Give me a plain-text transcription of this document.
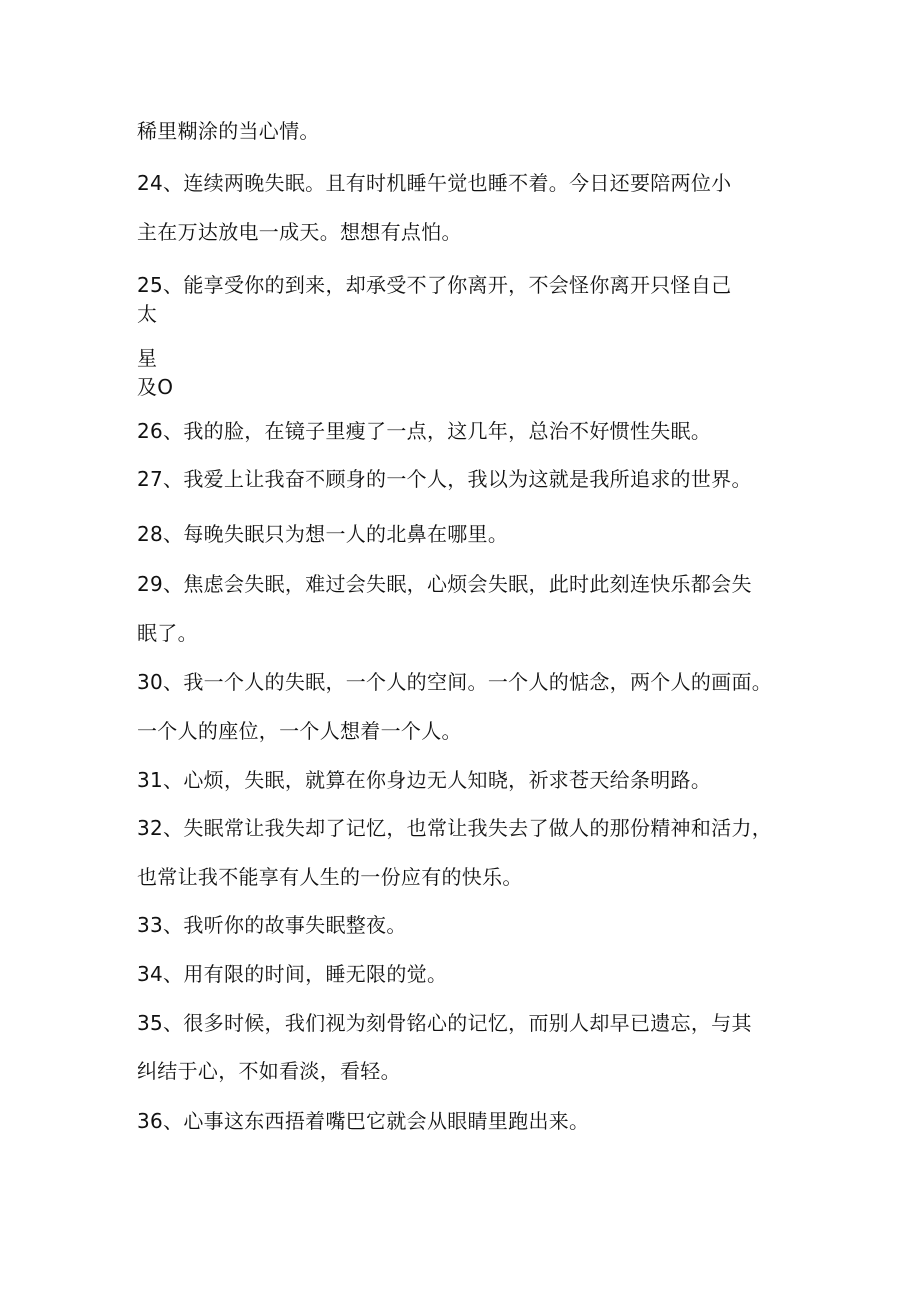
稀里糊涂的当心情。
24、连续两晚失眠。且有时机睡午觉也睡不着。今日还要陪两位小
主在万达放电一成天。想想有点怕。
25、能享受你的到来，却承受不了你离开，不会怪你离开只怪自己
太
星
及O
26、我的脸，在镜子里瘦了一点，这几年，总治不好惯性失眠。
27、我爱上让我奋不顾身的一个人，我以为这就是我所追求的世界。
28、每晚失眠只为想一人的北鼻在哪里。
29、焦虑会失眠，难过会失眠，心烦会失眠，此时此刻连快乐都会失
眠了。
30、我一个人的失眠，一个人的空间。一个人的惦念，两个人的画面。
一个人的座位，一个人想着一个人。
31、心烦，失眠，就算在你身边无人知晓，祈求苍天给条明路。
32、失眠常让我失却了记忆，也常让我失去了做人的那份精神和活力，
也常让我不能享有人生的一份应有的快乐。
33、我听你的故事失眠整夜。
34、用有限的时间，睡无限的觉。
35、很多时候，我们视为刻骨铭心的记忆，而别人却早已遗忘，与其
纠结于心，不如看淡，看轻。
36、心事这东西捂着嘴巴它就会从眼睛里跑出来。
